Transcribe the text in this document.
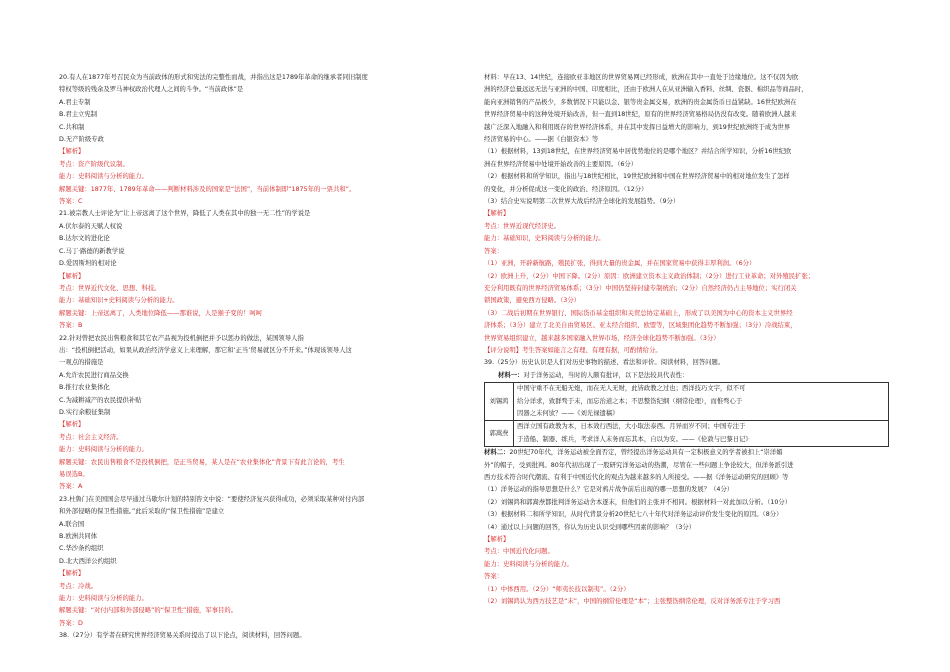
20.有人在1877年号召民众为当前政体的形式和宪法的完整性而战，并指出这是1789年革命的继承者同旧制度
特权等级的残余及罗马神权政治代理人之间的斗争。“当前政体”是
A.君主专制
B.君主立宪制
C.共和制
D.无产阶级专政
【解析】
考点：资产阶级代议制。
能力：史料阅读与分析的能力。
解题关键：1877年、1789年革命——判断材料涉及的国家是“法国”，当前体制即“1875年的一票共和”。
答案：C
21.被宗教人士评论为“让上帝远离了这个世界，降低了人类在其中的独一无二性”的学说是
A.伏尔泰的天赋人权说
B.达尔文的进化论
C.马丁·路德的新教学说
D.爱因斯坦的相对论
【解析】
考点：世界近代文化、思想、科技。
能力：基础知识+史料阅读与分析的能力。
解题关键：上帝远离了，人类地位降低——那谁说，人是猴子变的！呵呵
答案：B
22.针对曾把农民出售粮食和其它农产品视为投机倒把并予以惩办的做法，某国领导人指
出：“投机倒把活动，如果从政治经济学意义上来理解，那它和‘正当’贸易就区分不开来。”体现该领导人这
一观点的措施是
A.允许农民进行商品交换
B.推行农业集体化
C.为减耕减产的农民提供补贴
D.实行余粮征集制
【解析】
考点：社会主义经济。
能力：史料阅读与分析的能力。
解题关键：农民出售粮食不是投机倒把，是正当贸易，某人是在“农业集体化”背景下有此言论的，考生
易误选B。
答案：A
23.杜鲁门在美国国会尽早通过马歇尔计划的特别咨文中说：“要使经济复兴获得成功，必须采取某种对付内部
和外部侵略的保卫性措施。”此后采取的“保卫性措施”是建立
A.联合国
B.欧洲共同体
C.华沙条约组织
D.北大西洋公约组织
【解析】
考点：冷战。
能力：史料阅读与分析的能力。
解题关键：“对付内部和外部侵略”的“保卫性”措施，军事目的。
答案：D
38.（27分）有学者在研究世界经济贸易关系时提出了以下论点，阅读材料，回答问题。
材料：早在13、14世纪，连接欧亚非地区的世界贸易网已经形成，欧洲在其中一直处于边缘地位。这不仅因为欧
洲的经济总量远远无法与亚洲的中国、印度相比，还由于欧洲人在从亚洲输入香料、丝绸、瓷器、棉织品等商品时，
能向亚洲销售的产品极少，多数情况下只能以金、银等贵金属交易，欧洲的贵金属货币日益紧缺。16世纪欧洲在
世界经济贸易中的这种处境开始改善，但一直到18世纪，原有的世界经济贸易格局仍没有改变。随着欧洲人越来
越广泛深入地融入和利用既存的世界经济体系，并在其中发挥日益增大的影响力，到19世纪欧洲终于成为世界
经济贸易的中心。——据《白银资本》等
（1）根据材料，13到18世纪，在世界经济贸易中居优势地位的是哪个地区？并结合所学知识，分析16世纪欧
洲在世界经济贸易中处境开始改善的主要原因。（6分）
（2）根据材料和所学知识，指出与18世纪相比，19世纪欧洲和中国在世界经济贸易中的相对地位发生了怎样
的变化，并分析促成这一变化的政治、经济原因。（12分）
（3）结合史实说明第二次世界大战后经济全球化的发展趋势。（9分）
【解析】
考点：世界近现代经济史。
能力：基础知识，史料阅读与分析的能力。
答案：
（1）亚洲，开辟新航路，殖民扩张，得到大量的贵金属，并在国家贸易中获得丰厚利润。（6分）
（2）欧洲上升，（2分）中国下降。（2分）原因：欧洲建立资本主义政治体制；（2分）进行工业革命；对外殖民扩张；
充分利用既有的世界经济贸易体系；（3分）中国仍坚持封建专制统治；（2分）自然经济仍占主导地位；实行闭关
锁国政策，避免西方侵略。（3分）
（3）二战后初期在世界银行、国际货币基金组织和关贸总协定基础上，形成了以美国为中心的资本主义世界经
济体系；（3分）建立了北美自由贸易区、亚太经合组织、欧盟等，区域集团化趋势不断加强；（3分）冷战结束，
世界贸易组织建立，越来越多国家融入世界市场，经济全球化趋势不断加强。（3分）
【评分说明】考生答案如能言之有理、有理有据，可酌情给分。
39.（25分）历史认识是人们对历史事物的描述、看法和评价。阅读材料，回答问题。
材料一：对于洋务运动，当时的人颇有批评，以下是法较具代表性：
刘锡鸿	中国守重不在无船无炮，而在无人无财，此皆政教之过也；西洋技巧文字，似不可
给分详求，致群骛于末，而忘治道之本；不思整饬纪纲（纲常伦理），而惟骛心于
因器之末何欤？——《刘光禄遗稿》

郭嵩焘	西洋立国有政教为本，日本效行西法，大小取法泰西。月异而岁不同；中国专注于
于造船、制器、练兵，考求洋人末务而忘其本，自以为安。——《伦敦与巴黎日记》
材料二：20世纪70年代，洋务运动被全面否定，曾经提出洋务运动具有一定积极意义的学者被扣上“崇洋媚
外”的帽子，受到批判。80年代初出现了一股研究洋务运动的热潮，尽管在一些问题上争论较大，但洋务派引进
西方技术符合时代潮流、有利于中国近代化的观点为越来越多的人所接受。——据《洋务运动研究的回顾》等
（1）洋务运动的指导思想是什么？它是对鸦片战争前后出现的哪一思想的发展？（4分）
（2）刘锡鸿和郭嵩焘都批判洋务运动舍本逐末，但他们的主张并不相同。根据材料一对此加以分析。（10分）
（3）根据材料二和所学知识，从时代背景分析20世纪七八十年代对洋务运动评价发生变化的原因。（8分）
（4）通过以上问题的回答，你认为历史认识受到哪些因素的影响？（3分）
【解析】
考点：中国近代化问题。
能力：史料阅读与分析的能力。
答案：
（1）中体西用。（2分）“师夷长技以制夷”。（2分）
（2）刘锡鸿认为西方技艺是“末”，中国的纲常伦理是“本”；主张整饬纲常伦理，反对洋务派专注于学习西
